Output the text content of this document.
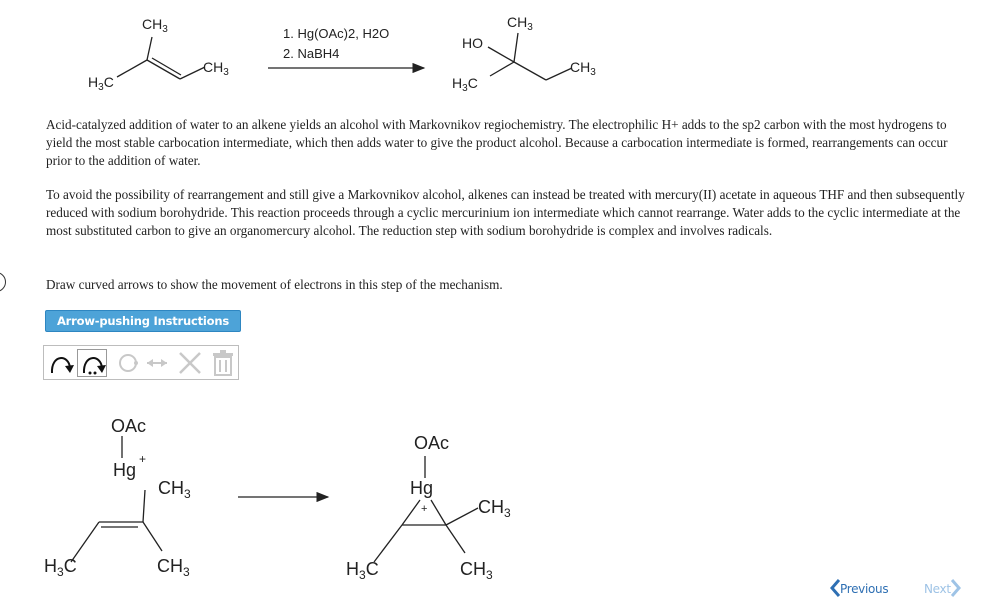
$CH_3$
$CH_3$
$H_3C$
1. Hg(OAc)2, H2O
2. NaBH4
HO
$CH_3$
$CH_3$
$H_3C$
OAc
Hg
+
$CH_3$
$CH_3$
$H_3C$
OAc
Hg
+	$CH_3$
$CH_3$
$H_3C$

Acid-catalyzed addition of water to an alkene yields an alcohol with Markovnikov regiochemistry. The electrophilic H+ adds to the sp2 carbon with the most hydrogens to yield the most stable carbocation intermediate, which then adds water to give the product alcohol. Because a carbocation intermediate is formed, rearrangements can occur prior to the addition of water.

To avoid the possibility of rearrangement and still give a Markovnikov alcohol, alkenes can instead be treated with mercury(II) acetate in aqueous THF and then subsequently reduced with sodium borohydride. This reaction proceeds through a cyclic mercurinium ion intermediate which cannot rearrange. Water adds to the cyclic intermediate at the most substituted carbon to give an organomercury alcohol. The reduction step with sodium borohydride is complex and involves radicals.

Draw curved arrows to show the movement of electrons in this step of the mechanism.

Arrow-pushing Instructions
Previous	Next
